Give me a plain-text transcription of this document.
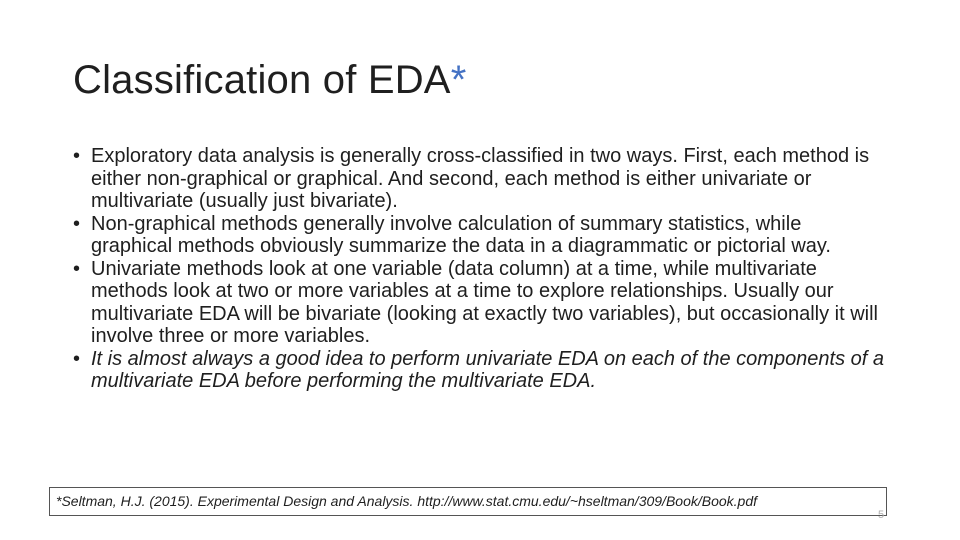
Classification of EDA*
• Exploratory data analysis is generally cross-classified in two ways. First, each method is either non-graphical or graphical. And second, each method is either univariate or multivariate (usually just bivariate).
• Non-graphical methods generally involve calculation of summary statistics, while graphical methods obviously summarize the data in a diagrammatic or pictorial way.
• Univariate methods look at one variable (data column) at a time, while multivariate methods look at two or more variables at a time to explore relationships. Usually our multivariate EDA will be bivariate (looking at exactly two variables), but occasionally it will involve three or more variables.
• It is almost always a good idea to perform univariate EDA on each of the components of a multivariate EDA before performing the multivariate EDA.
*Seltman, H.J. (2015). Experimental Design and Analysis. http://www.stat.cmu.edu/~hseltman/309/Book/Book.pdf
5
